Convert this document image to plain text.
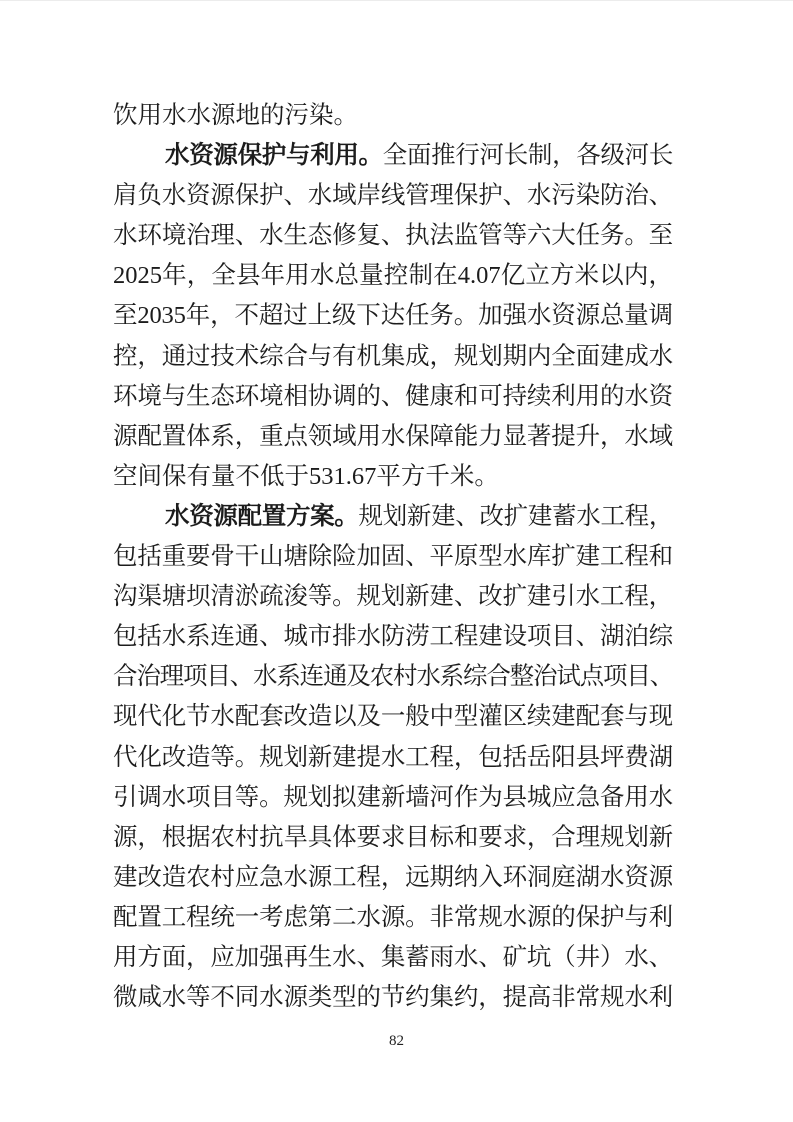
饮用水水源地的污染。
水资源保护与利用。全面推行河长制，各级河长
肩负水资源保护、水域岸线管理保护、水污染防治、
水环境治理、水生态修复、执法监管等六大任务。至
2025年，全县年用水总量控制在4.07亿立方米以内，
至2035年，不超过上级下达任务。加强水资源总量调
控，通过技术综合与有机集成，规划期内全面建成水
环境与生态环境相协调的、健康和可持续利用的水资
源配置体系，重点领域用水保障能力显著提升，水域
空间保有量不低于531.67平方千米。
水资源配置方案。规划新建、改扩建蓄水工程，
包括重要骨干山塘除险加固、平原型水库扩建工程和
沟渠塘坝清淤疏浚等。规划新建、改扩建引水工程，
包括水系连通、城市排水防涝工程建设项目、湖泊综
合治理项目、水系连通及农村水系综合整治试点项目、
现代化节水配套改造以及一般中型灌区续建配套与现
代化改造等。规划新建提水工程，包括岳阳县坪费湖
引调水项目等。规划拟建新墙河作为县城应急备用水
源，根据农村抗旱具体要求目标和要求，合理规划新
建改造农村应急水源工程，远期纳入环洞庭湖水资源
配置工程统一考虑第二水源。非常规水源的保护与利
用方面，应加强再生水、集蓄雨水、矿坑（井）水、
微咸水等不同水源类型的节约集约，提高非常规水利
82
